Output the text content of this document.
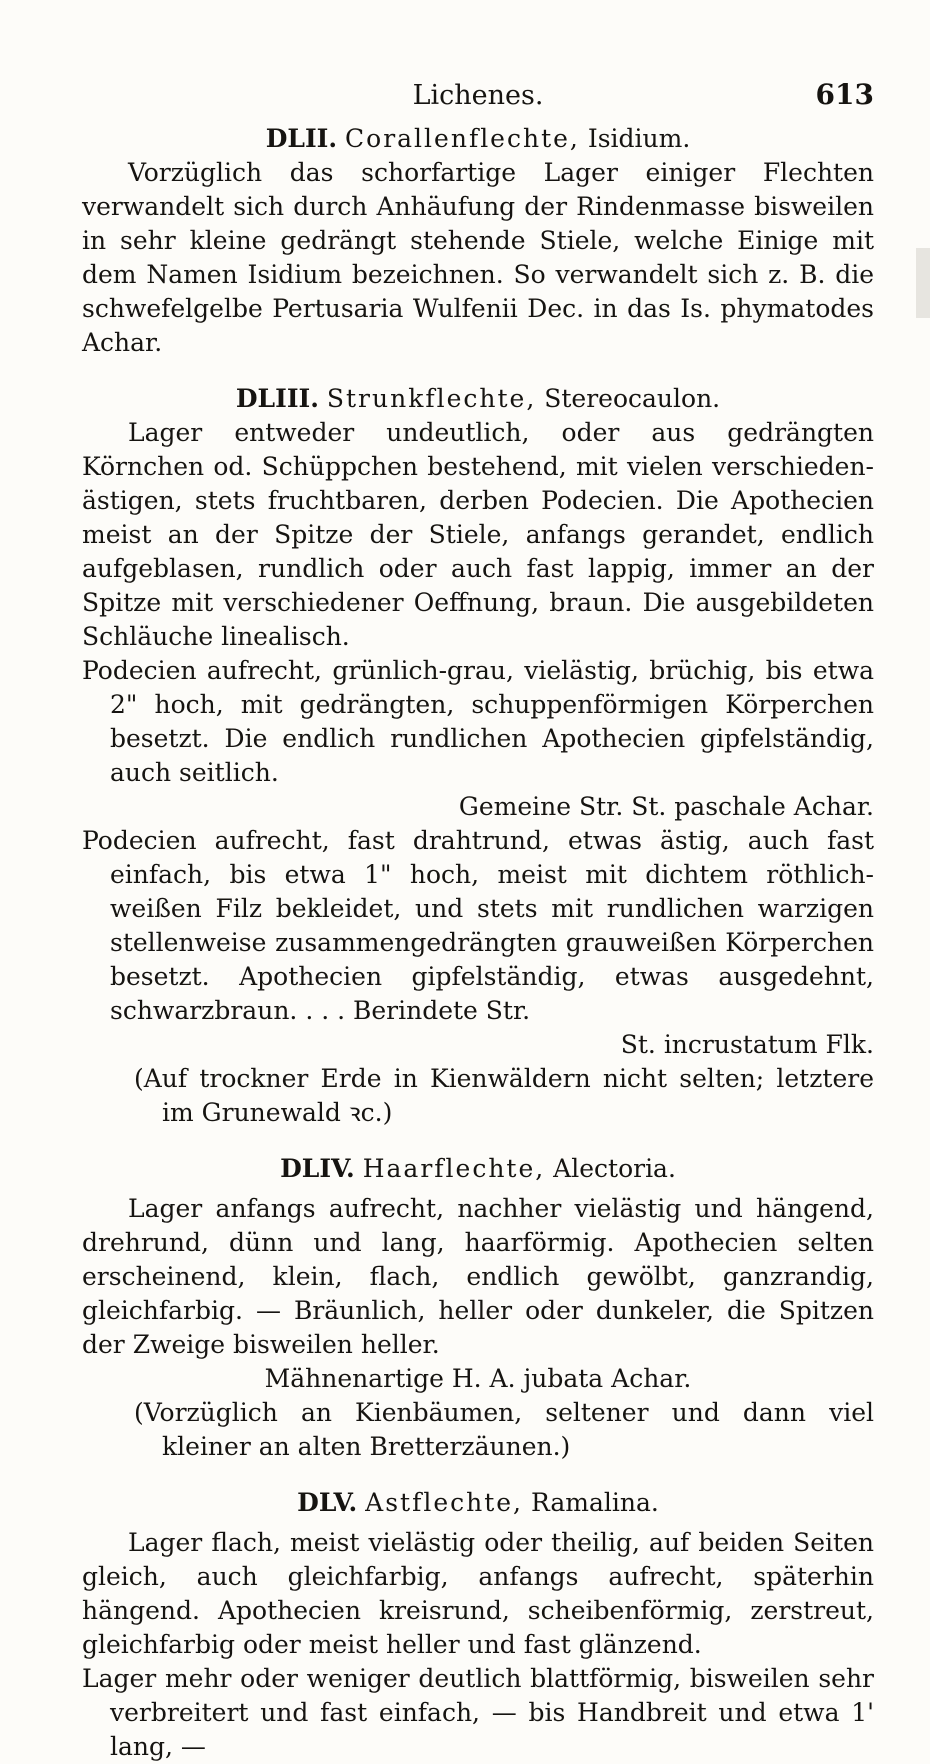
Lichenes.	613
DLII. Corallenflechte, Isidium.

Vorzüglich das schorfartige Lager einiger Flechten verwandelt sich durch Anhäufung der Rindenmasse bisweilen in sehr kleine gedrängt stehende Stiele, welche Einige mit dem Namen Isidium bezeichnen. So verwandelt sich z. B. die schwefelgelbe Pertusaria Wulfenii Dec. in das Is. phymatodes Achar.

DLIII. Strunkflechte, Stereocaulon.

Lager entweder undeutlich, oder aus gedrängten Körnchen od. Schüppchen bestehend, mit vielen verschieden-ästigen, stets fruchtbaren, derben Podecien. Die Apothecien meist an der Spitze der Stiele, anfangs gerandet, endlich aufgeblasen, rundlich oder auch fast lappig, immer an der Spitze mit verschiedener Oeffnung, braun. Die ausgebildeten Schläuche linealisch.

Podecien aufrecht, grünlich-grau, vielästig, brüchig, bis etwa 2" hoch, mit gedrängten, schuppenförmigen Körperchen besetzt. Die endlich rundlichen Apothecien gipfelständig, auch seitlich.

Gemeine Str. St. paschale Achar.

Podecien aufrecht, fast drahtrund, etwas ästig, auch fast einfach, bis etwa 1" hoch, meist mit dichtem röthlich-weißen Filz bekleidet, und stets mit rundlichen warzigen stellenweise zusammengedrängten grauweißen Körperchen besetzt. Apothecien gipfelständig, etwas ausgedehnt, schwarzbraun. . . . Berindete Str.

St. incrustatum Flk.

(Auf trockner Erde in Kienwäldern nicht selten; letztere im Grunewald ꝛc.)

DLIV. Haarflechte, Alectoria.

Lager anfangs aufrecht, nachher vielästig und hängend, drehrund, dünn und lang, haarförmig. Apothecien selten erscheinend, klein, flach, endlich gewölbt, ganzrandig, gleichfarbig. — Bräunlich, heller oder dunkeler, die Spitzen der Zweige bisweilen heller.

Mähnenartige H. A. jubata Achar.

(Vorzüglich an Kienbäumen, seltener und dann viel kleiner an alten Bretterzäunen.)

DLV. Astflechte, Ramalina.

Lager flach, meist vielästig oder theilig, auf beiden Seiten gleich, auch gleichfarbig, anfangs aufrecht, späterhin hängend. Apothecien kreisrund, scheibenförmig, zerstreut, gleichfarbig oder meist heller und fast glänzend.

Lager mehr oder weniger deutlich blattförmig, bisweilen sehr verbreitert und fast einfach, — bis Handbreit und etwa 1' lang, —
